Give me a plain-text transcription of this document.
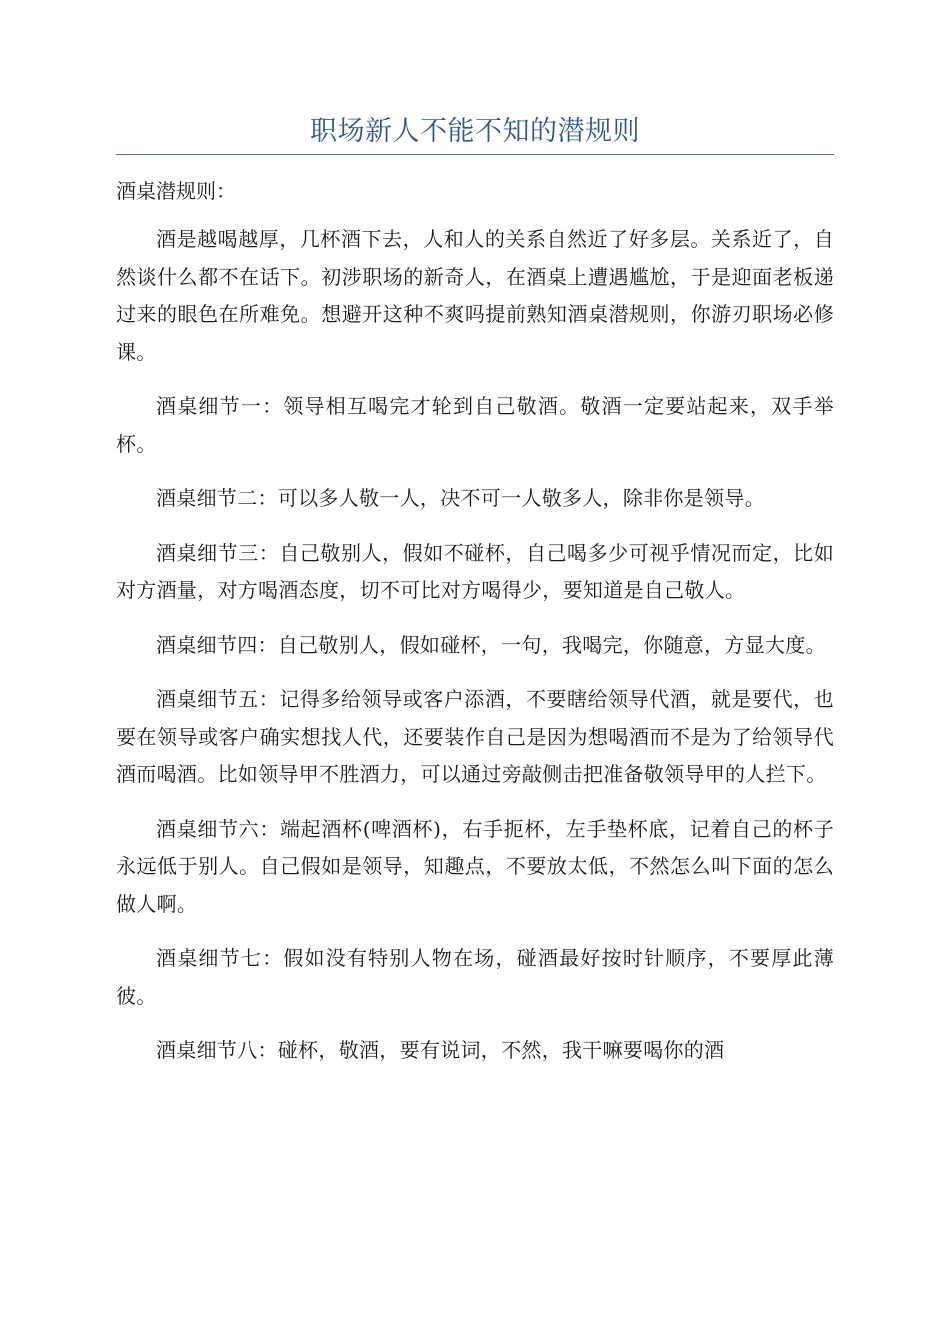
职场新人不能不知的潜规则

酒桌潜规则：

酒是越喝越厚，几杯酒下去，人和人的关系自然近了好多层。关系近了，自然谈什么都不在话下。初涉职场的新奇人，在酒桌上遭遇尴尬，于是迎面老板递过来的眼色在所难免。想避开这种不爽吗提前熟知酒桌潜规则，你游刃职场必修课。

酒桌细节一：领导相互喝完才轮到自己敬酒。敬酒一定要站起来，双手举杯。

酒桌细节二：可以多人敬一人，决不可一人敬多人，除非你是领导。

酒桌细节三：自己敬别人，假如不碰杯，自己喝多少可视乎情况而定，比如对方酒量，对方喝酒态度，切不可比对方喝得少，要知道是自己敬人。

酒桌细节四：自己敬别人，假如碰杯，一句，我喝完，你随意，方显大度。

酒桌细节五：记得多给领导或客户添酒，不要瞎给领导代酒，就是要代，也要在领导或客户确实想找人代，还要装作自己是因为想喝酒而不是为了给领导代酒而喝酒。比如领导甲不胜酒力，可以通过旁敲侧击把准备敬领导甲的人拦下。

酒桌细节六：端起酒杯(啤酒杯)，右手扼杯，左手垫杯底，记着自己的杯子永远低于别人。自己假如是领导，知趣点，不要放太低，不然怎么叫下面的怎么做人啊。

酒桌细节七：假如没有特别人物在场，碰酒最好按时针顺序，不要厚此薄彼。

酒桌细节八：碰杯，敬酒，要有说词，不然，我干嘛要喝你的酒
